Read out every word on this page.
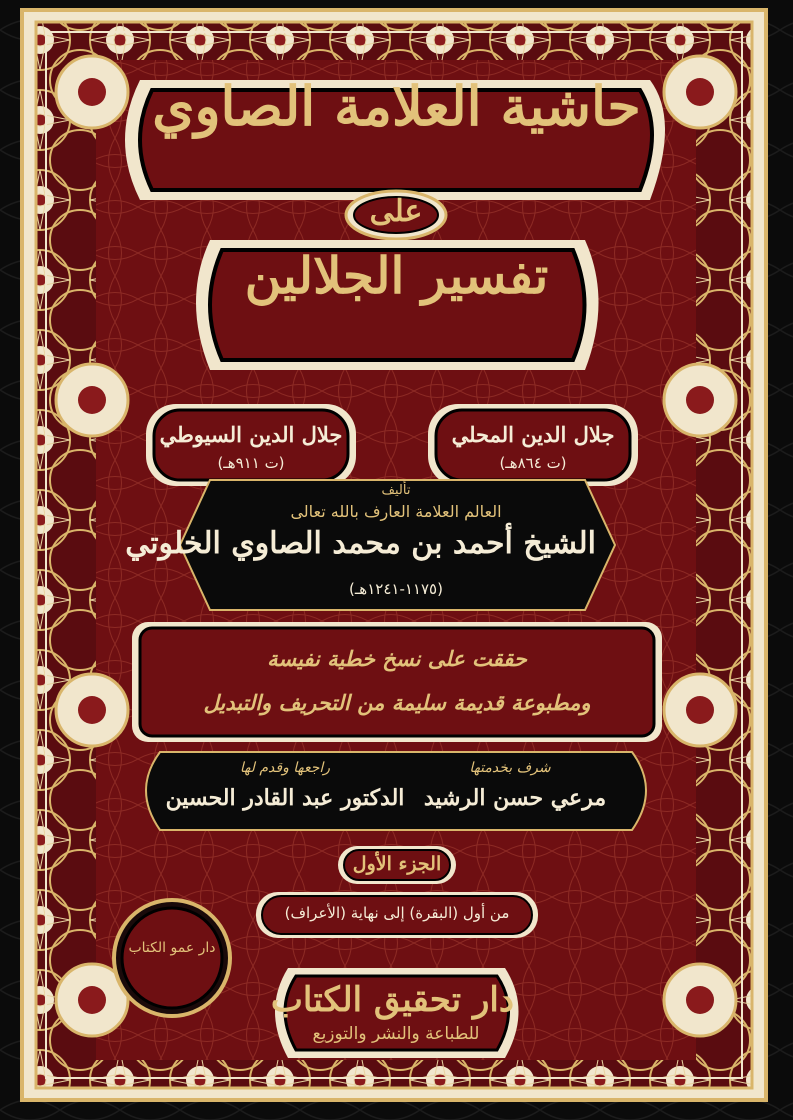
حاشية العلامة الصاوي
على
تفسير الجلالين
جلال الدين المحلي
(ت ٨٦٤هـ)
جلال الدين السيوطي
(ت ٩١١هـ)
تأليف
العالم العلامة العارف بالله تعالى
الشيخ أحمد بن محمد الصاوي الخلوتي
(١١٧٥-١٢٤١هـ)
حققت على نسخ خطية نفيسة
ومطبوعة قديمة سليمة من التحريف والتبديل
شرف بخدمتها
مرعي حسن الرشيد
راجعها وقدم لها
الدكتور عبد القادر الحسين
الجزء الأول
من أول (البقرة) إلى نهاية (الأعراف)
دار تحقيق الكتاب
للطباعة والنشر والتوزيع
دار عمو الكتاب
